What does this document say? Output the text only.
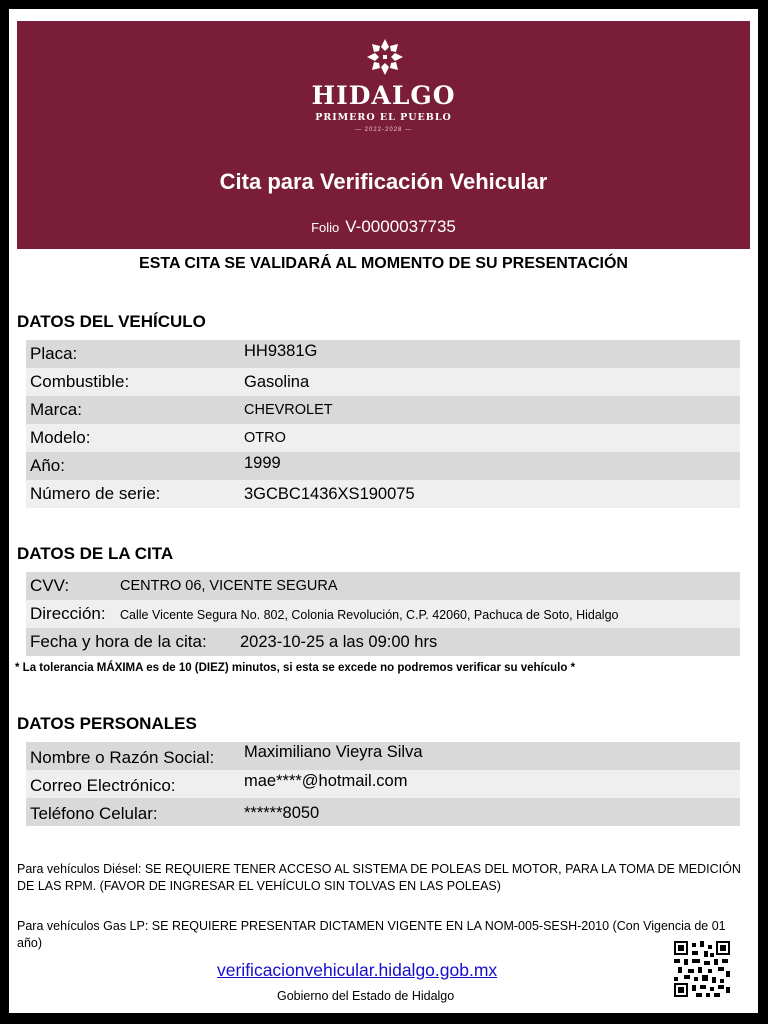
HIDALGO
PRIMERO EL PUEBLO
— 2022-2028 —
Cita para Verificación Vehicular
Folio V-0000037735
ESTA CITA SE VALIDARÁ AL MOMENTO DE SU PRESENTACIÓN
DATOS DEL VEHÍCULO
Placa:	HH9381G
Combustible:	Gasolina
Marca:	CHEVROLET
Modelo:	OTRO
Año:	1999
Número de serie:	3GCBC1436XS190075
DATOS DE LA CITA
CVV:	CENTRO 06, VICENTE SEGURA
Dirección: Calle Vicente Segura No. 802, Colonia Revolución, C.P. 42060, Pachuca de Soto, Hidalgo
Fecha y hora de la cita: 2023-10-25 a las 09:00 hrs
* La tolerancia MÁXIMA es de 10 (DIEZ) minutos, si esta se excede no podremos verificar su vehículo *
DATOS PERSONALES
Nombre o Razón Social: Maximiliano Vieyra Silva
Correo Electrónico:	mae****@hotmail.com
Teléfono Celular:	******8050
Para vehículos Diésel: SE REQUIERE TENER ACCESO AL SISTEMA DE POLEAS DEL MOTOR, PARA LA TOMA DE MEDICIÓN DE LAS RPM. (FAVOR DE INGRESAR EL VEHÍCULO SIN TOLVAS EN LAS POLEAS)
Para vehículos Gas LP: SE REQUIERE PRESENTAR DICTAMEN VIGENTE EN LA NOM-005-SESH-2010 (Con Vigencia de 01 año)
verificacionvehicular.hidalgo.gob.mx
Gobierno del Estado de Hidalgo
